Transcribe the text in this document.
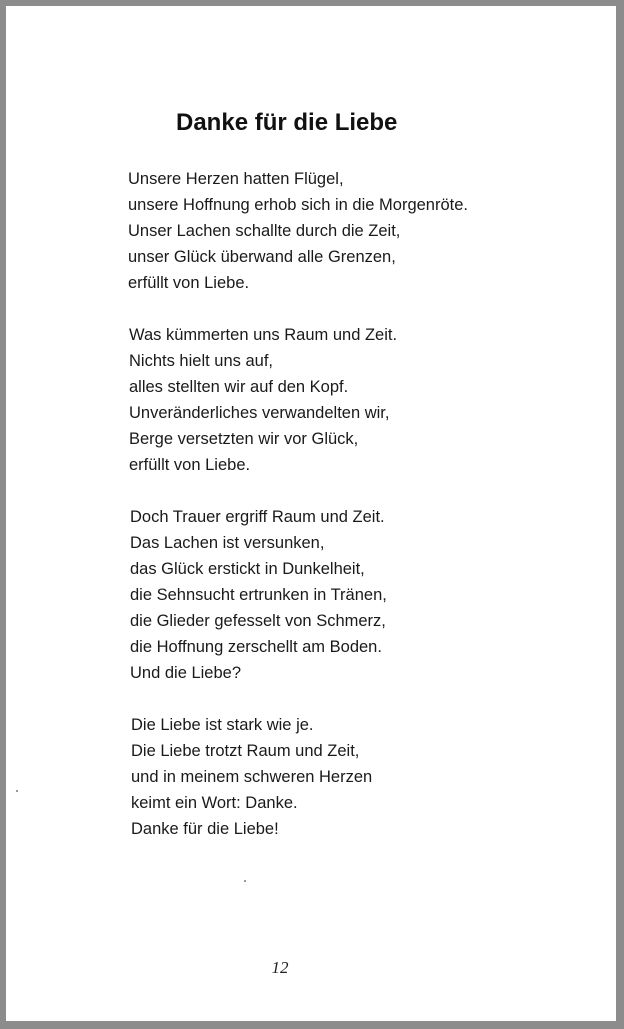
Danke für die Liebe
Unsere Herzen hatten Flügel,
unsere Hoffnung erhob sich in die Morgenröte.
Unser Lachen schallte durch die Zeit,
unser Glück überwand alle Grenzen,
erfüllt von Liebe.
Was kümmerten uns Raum und Zeit.
Nichts hielt uns auf,
alles stellten wir auf den Kopf.
Unveränderliches verwandelten wir,
Berge versetzten wir vor Glück,
erfüllt von Liebe.
Doch Trauer ergriff Raum und Zeit.
Das Lachen ist versunken,
das Glück erstickt in Dunkelheit,
die Sehnsucht ertrunken in Tränen,
die Glieder gefesselt von Schmerz,
die Hoffnung zerschellt am Boden.
Und die Liebe?
Die Liebe ist stark wie je.
Die Liebe trotzt Raum und Zeit,
und in meinem schweren Herzen
keimt ein Wort: Danke.
Danke für die Liebe!
12
